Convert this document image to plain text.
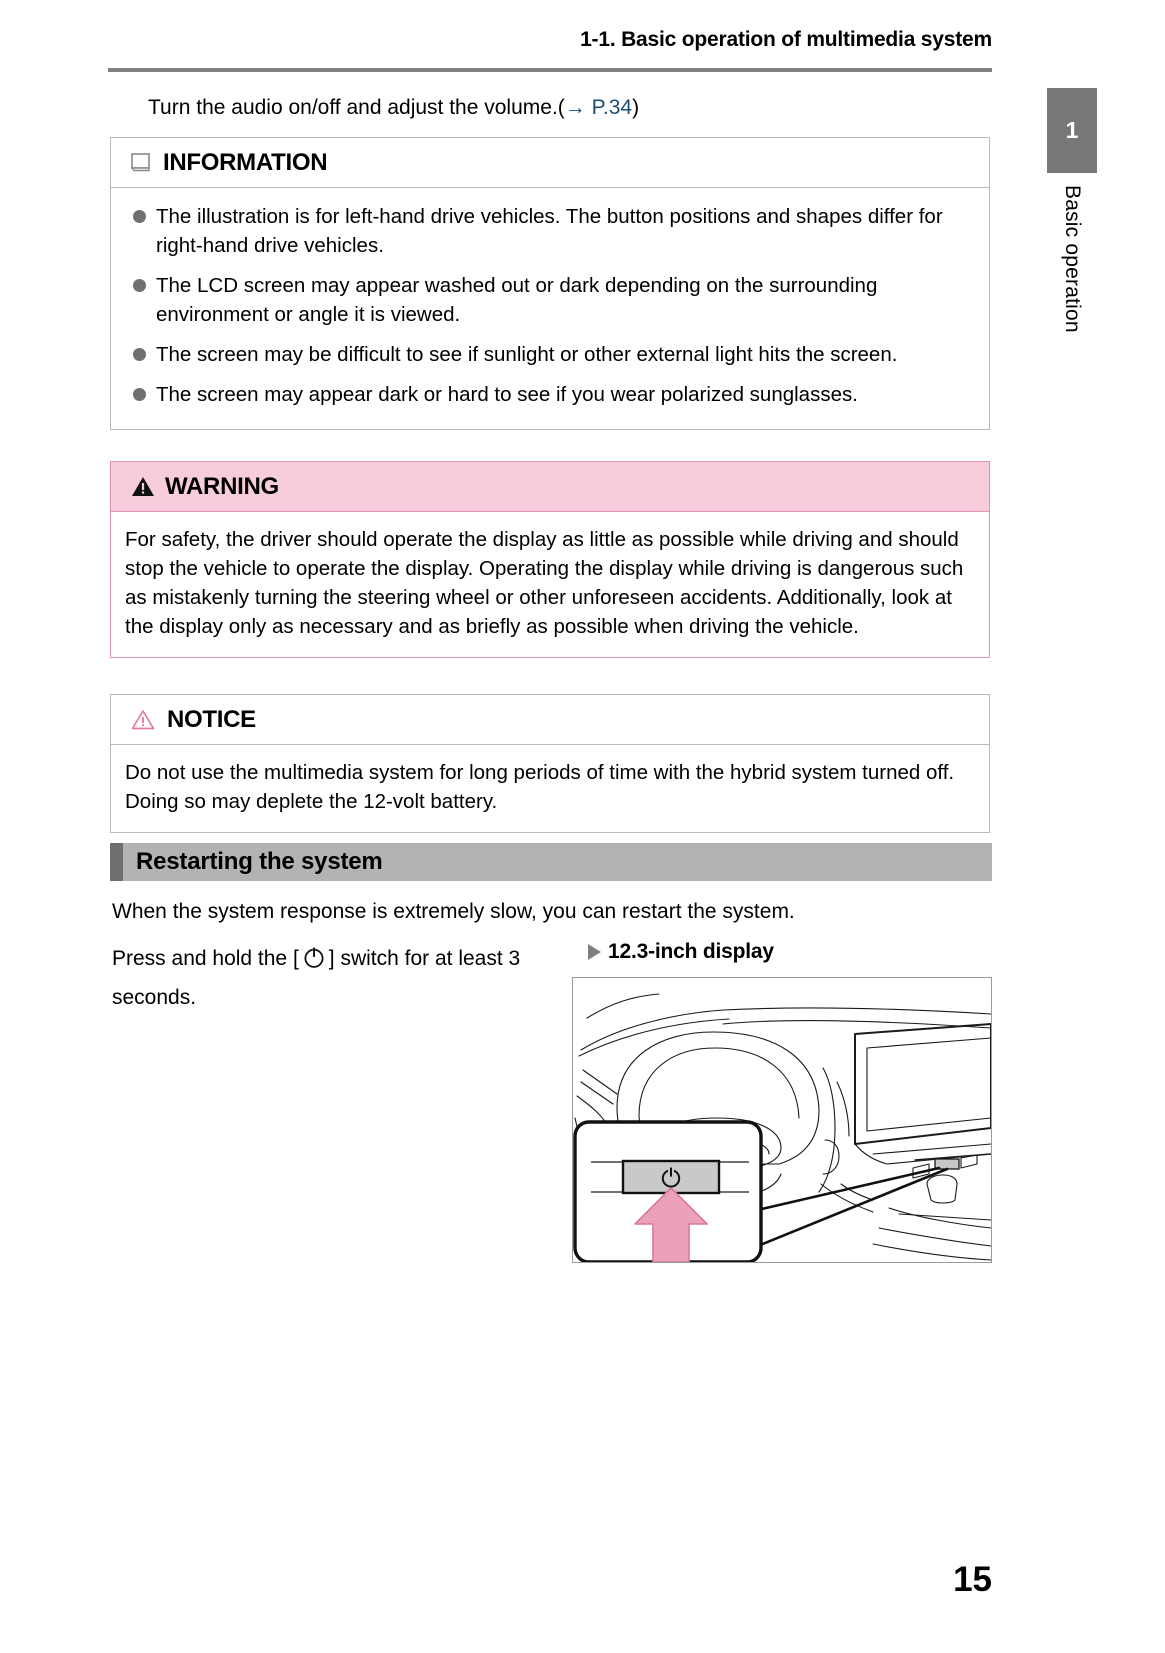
1-1. Basic operation of multimedia system
1
Basic operation
Turn the audio on/off and adjust the volume.(→ P.34)
INFORMATION
The illustration is for left-hand drive vehicles. The button positions and shapes differ for right-hand drive vehicles.
The LCD screen may appear washed out or dark depending on the surrounding environment or angle it is viewed.
The screen may be difficult to see if sunlight or other external light hits the screen.
The screen may appear dark or hard to see if you wear polarized sunglasses.
WARNING
For safety, the driver should operate the display as little as possible while driving and should stop the vehicle to operate the display. Operating the display while driving is dangerous such as mistakenly turning the steering wheel or other unforeseen accidents. Additionally, look at the display only as necessary and as briefly as possible when driving the vehicle.
NOTICE
Do not use the multimedia system for long periods of time with the hybrid system turned off. Doing so may deplete the 12-volt battery.
Restarting the system
When the system response is extremely slow, you can restart the system.
Press and hold the [ ] switch for at least 3 seconds.
12.3-inch display
15
